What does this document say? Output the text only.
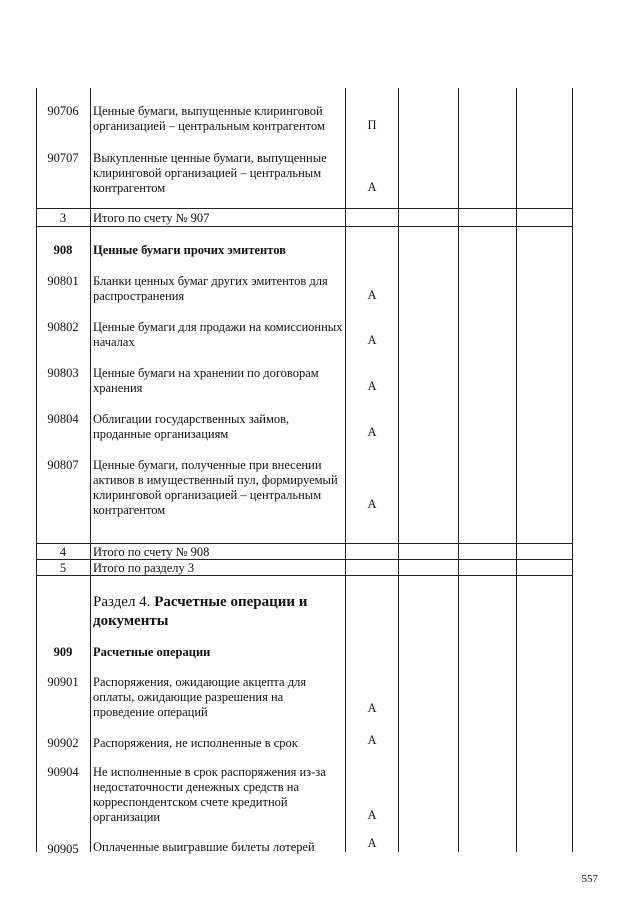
90706	Ценные бумаги, выпущенные клиринговой организацией – центральным контрагентом	П
90707	Выкупленные ценные бумаги, выпущенные клиринговой организацией – центральным контрагентом	А
3	Итого по счету № 907
908	Ценные бумаги прочих эмитентов
90801	Бланки ценных бумаг других эмитентов для распространения	А
90802	Ценные бумаги для продажи на комиссионных началах	А
90803	Ценные бумаги на хранении по договорам хранения	А
90804	Облигации государственных займов, проданные организациям	А
90807	Ценные бумаги, полученные при внесении активов в имущественный пул, формируемый клиринговой организацией – центральным контрагентом	А
4	Итого по счету № 908
5	Итого по разделу 3
Раздел 4. Расчетные операции и документы
909	Расчетные операции
90901	Распоряжения, ожидающие акцепта для оплаты, ожидающие разрешения на проведение операций	А
90902	Распоряжения, не исполненные в срок	А
90904	Не исполненные в срок распоряжения из-за недостаточности денежных средств на корреспондентском счете кредитной организации	А
90905	Оплаченные выигравшие билеты лотерей	А
557
